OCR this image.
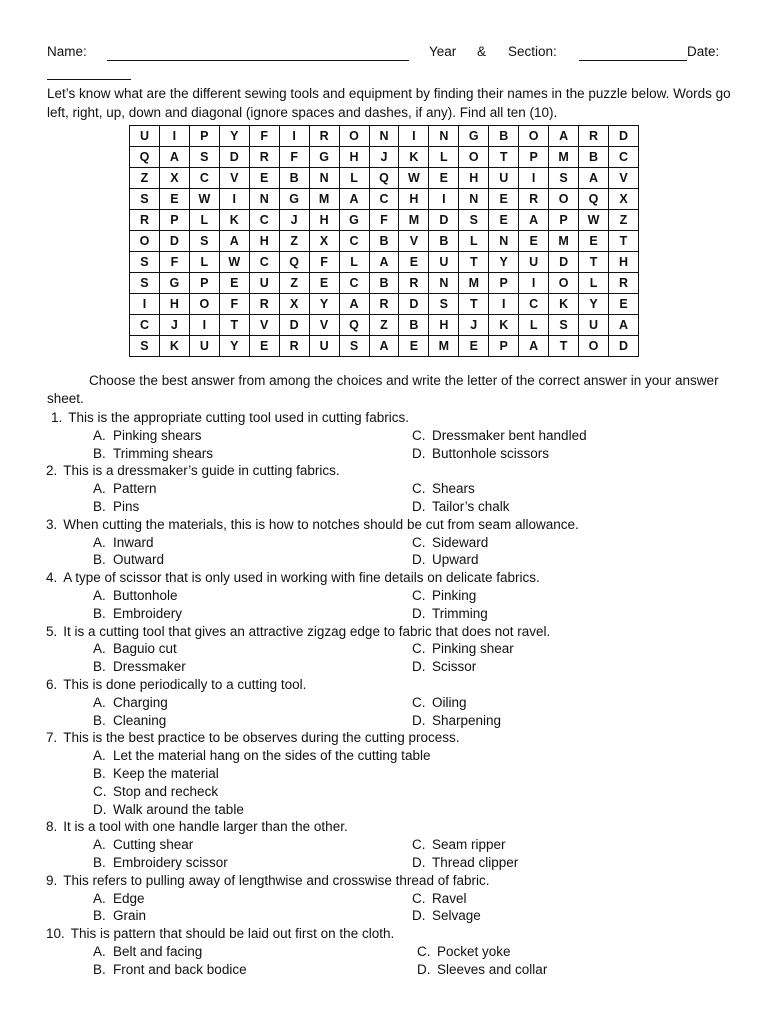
Name:	Year & Section:	Date:
Let’s know what are the different sewing tools and equipment by finding their names in the puzzle below. Words go left, right, up, down and diagonal (ignore spaces and dashes, if any). Find all ten (10).
U	I	P	Y	F	I	R	O	N	I	N	G	B	O	A	R	D
Q	A	S	D	R	F	G	H	J	K	L	O	T	P	M	B	C
Z	X	C	V	E	B	N	L	Q	W	E	H	U	I	S	A	V
S	E	W	I	N	G	M	A	C	H	I	N	E	R	O	Q	X
R	P	L	K	C	J	H	G	F	M	D	S	E	A	P	W	Z
O	D	S	A	H	Z	X	C	B	V	B	L	N	E	M	E	T
S	F	L	W	C	Q	F	L	A	E	U	T	Y	U	D	T	H
S	G	P	E	U	Z	E	C	B	R	N	M	P	I	O	L	R
I	H	O	F	R	X	Y	A	R	D	S	T	I	C	K	Y	E
C	J	I	T	V	D	V	Q	Z	B	H	J	K	L	S	U	A
S	K	U	Y	E	R	U	S	A	E	M	E	P	A	T	O	D
Choose the best answer from among the choices and write the letter of the correct answer in your answer sheet.
1. This is the appropriate cutting tool used in cutting fabrics.
A. Pinking shears	C. Dressmaker bent handled
B. Trimming shears	D. Buttonhole scissors
2. This is a dressmaker’s guide in cutting fabrics.
A. Pattern	C. Shears
B. Pins	D. Tailor’s chalk
3. When cutting the materials, this is how to notches should be cut from seam allowance.
A. Inward	C. Sideward
B. Outward	D. Upward
4. A type of scissor that is only used in working with fine details on delicate fabrics.
A. Buttonhole	C. Pinking
B. Embroidery	D. Trimming
5. It is a cutting tool that gives an attractive zigzag edge to fabric that does not ravel.
A. Baguio cut	C. Pinking shear
B. Dressmaker	D. Scissor
6. This is done periodically to a cutting tool.
A. Charging	C. Oiling
B. Cleaning	D. Sharpening
7. This is the best practice to be observes during the cutting process.
A. Let the material hang on the sides of the cutting table
B. Keep the material
C. Stop and recheck
D. Walk around the table
8. It is a tool with one handle larger than the other.
A. Cutting shear	C. Seam ripper
B. Embroidery scissor	D. Thread clipper
9. This refers to pulling away of lengthwise and crosswise thread of fabric.
A. Edge	C. Ravel
B. Grain	D. Selvage
10. This is pattern that should be laid out first on the cloth.
A. Belt and facing	C. Pocket yoke
B. Front and back bodice	D. Sleeves and collar
